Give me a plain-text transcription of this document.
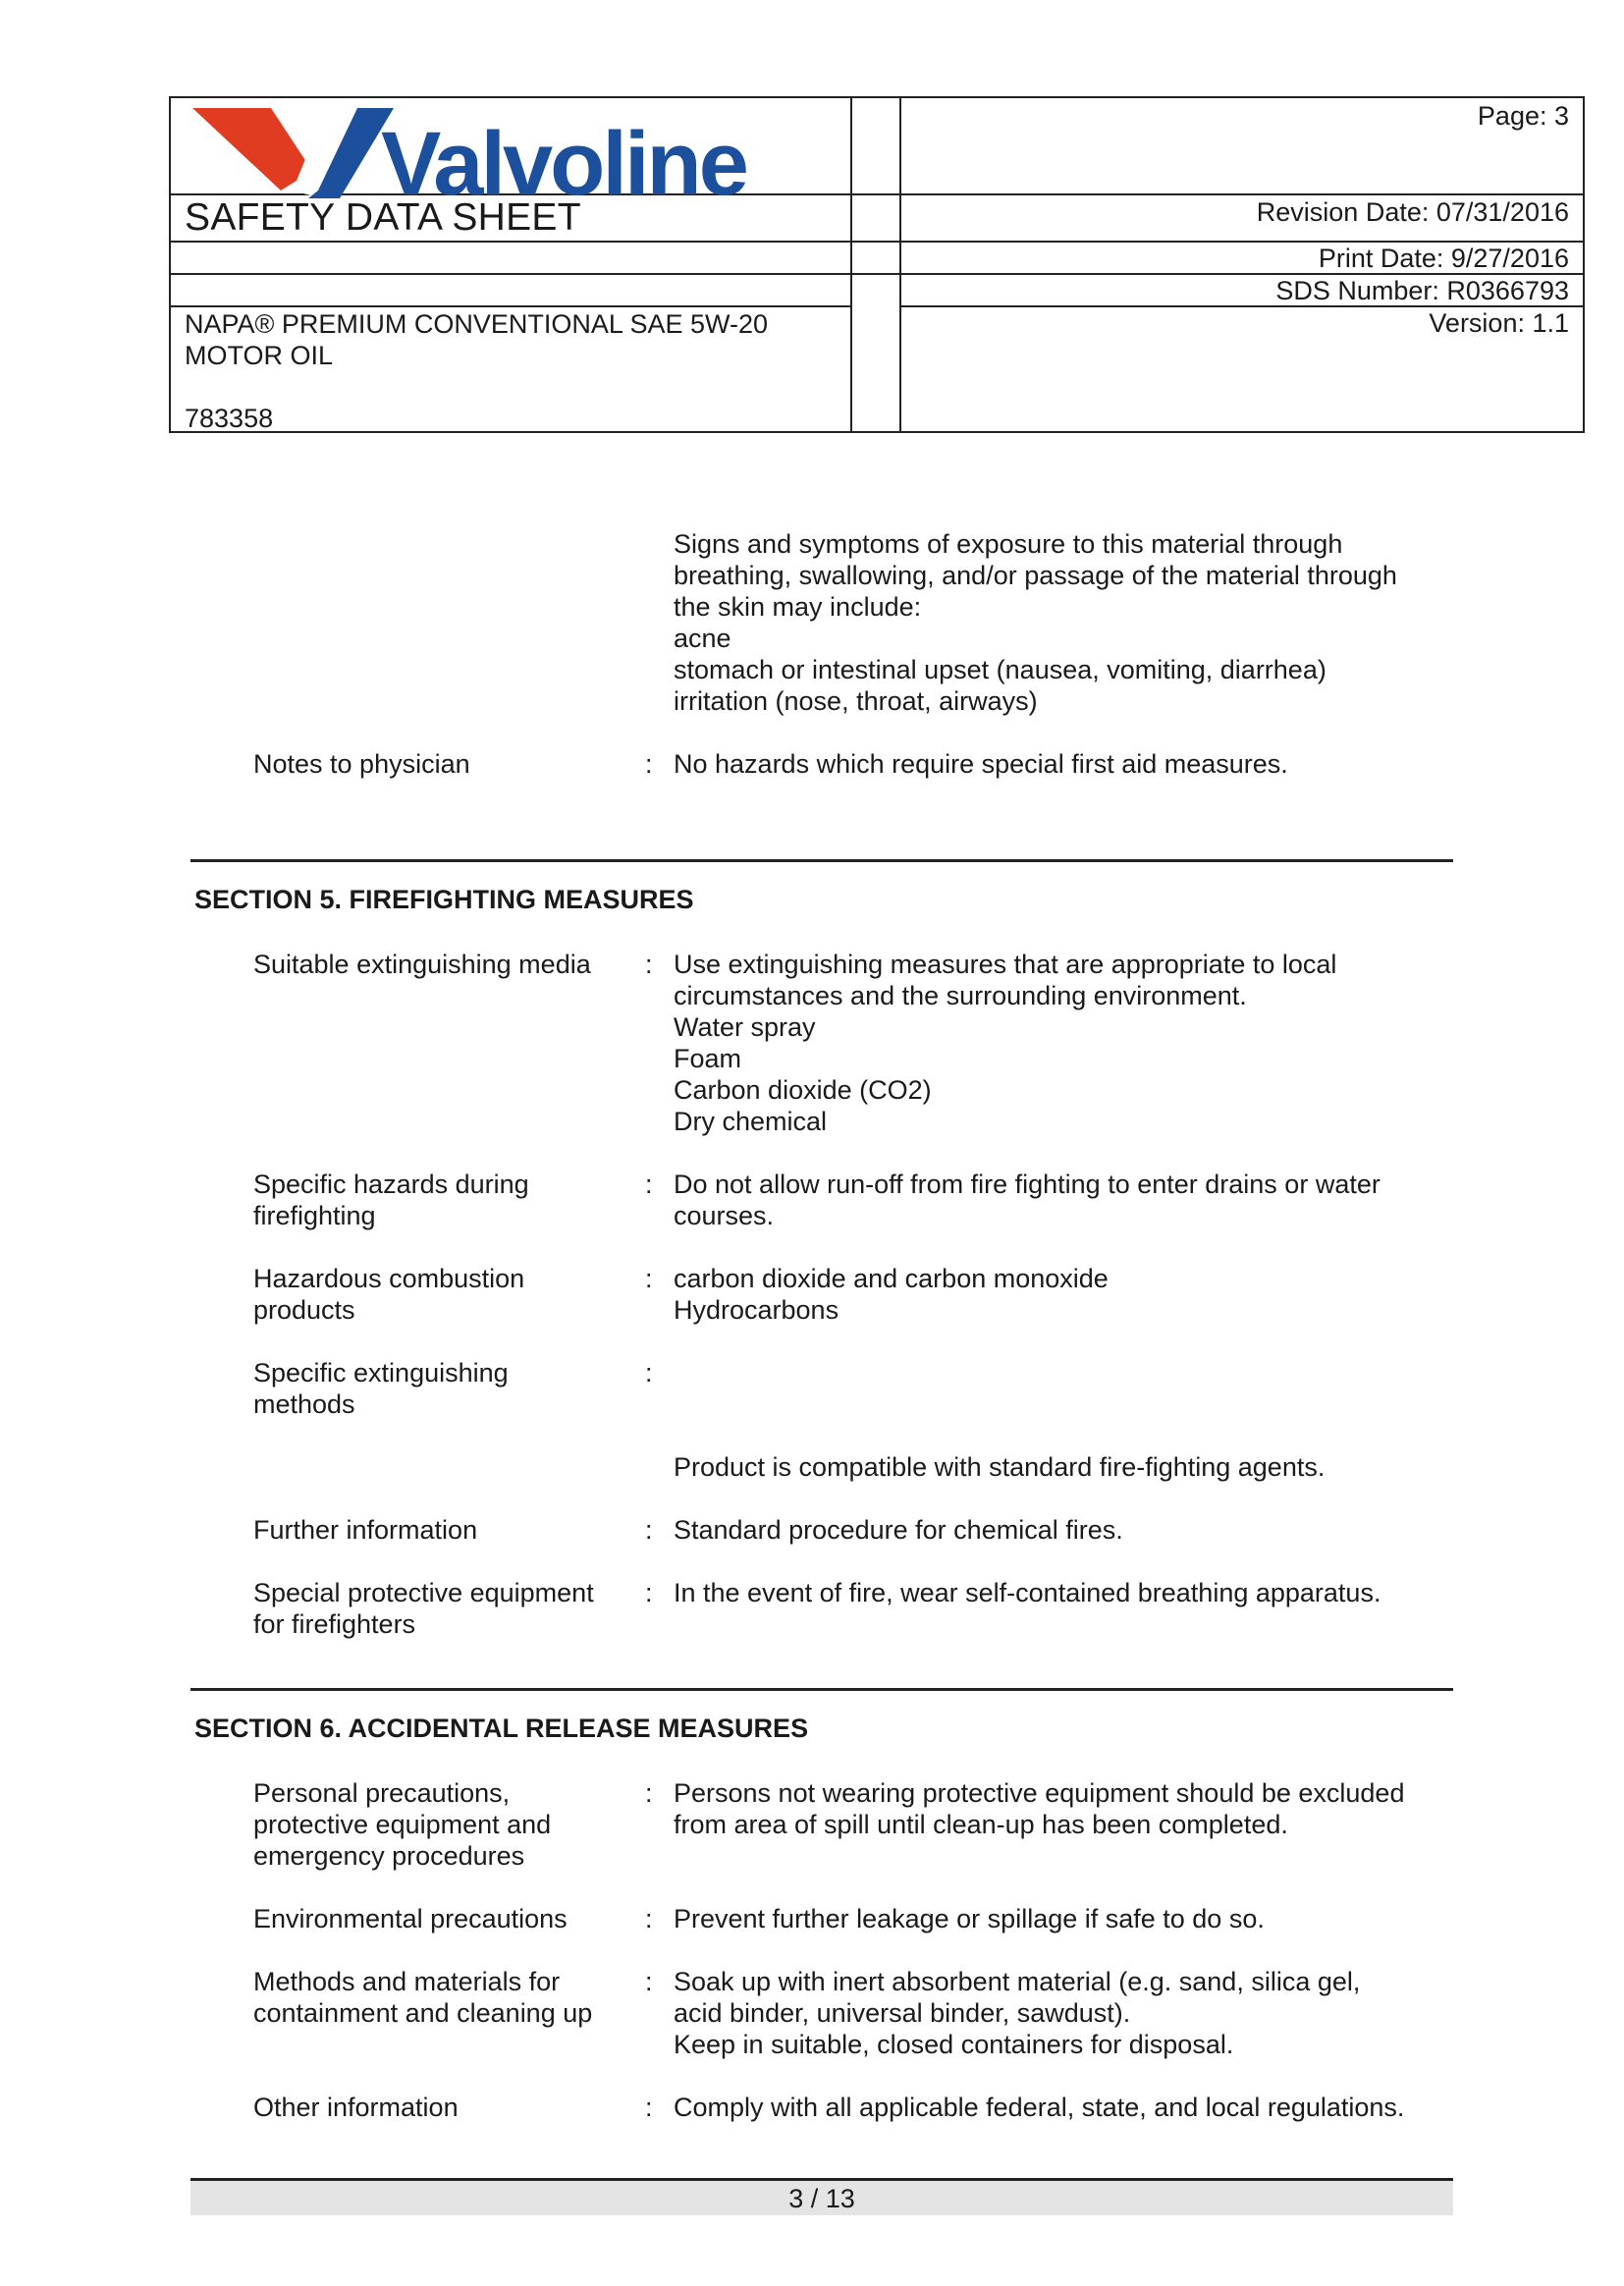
Valvoline
SAFETY DATA SHEET
NAPA® PREMIUM CONVENTIONAL SAE 5W-20
MOTOR OIL
783358
Page: 3
Revision Date: 07/31/2016
Print Date: 9/27/2016
SDS Number: R0366793
Version: 1.1
Signs and symptoms of exposure to this material through
breathing, swallowing, and/or passage of the material through
the skin may include:
acne
stomach or intestinal upset (nausea, vomiting, diarrhea)
irritation (nose, throat, airways)
Notes to physician	: No hazards which require special first aid measures.
SECTION 5. FIREFIGHTING MEASURES
Suitable extinguishing media	: Use extinguishing measures that are appropriate to local
circumstances and the surrounding environment.
Water spray
Foam
Carbon dioxide (CO2)
Dry chemical
Specific hazards during
firefighting
: Do not allow run-off from fire fighting to enter drains or water
courses.
Hazardous combustion
products
: carbon dioxide and carbon monoxide
Hydrocarbons
Specific extinguishing
methods
:
Product is compatible with standard fire-fighting agents.
Further information	: Standard procedure for chemical fires.
Special protective equipment
for firefighters
: In the event of fire, wear self-contained breathing apparatus.
SECTION 6. ACCIDENTAL RELEASE MEASURES
Personal precautions,
protective equipment and
emergency procedures
: Persons not wearing protective equipment should be excluded
from area of spill until clean-up has been completed.
Environmental precautions	: Prevent further leakage or spillage if safe to do so.
Methods and materials for
containment and cleaning up
: Soak up with inert absorbent material (e.g. sand, silica gel,
acid binder, universal binder, sawdust).
Keep in suitable, closed containers for disposal.
Other information	: Comply with all applicable federal, state, and local regulations.
3 / 13
